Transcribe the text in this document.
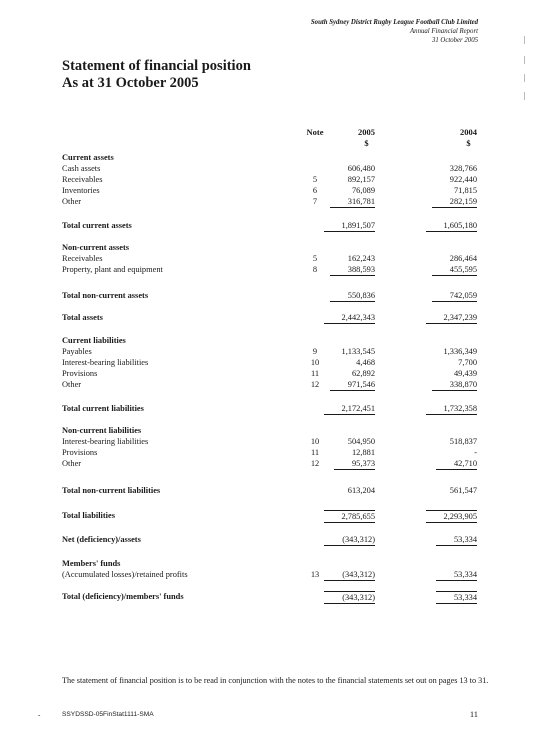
South Sydney District Rugby League Football Club Limited
Annual Financial Report
31 October 2005
Statement of financial position
As at 31 October 2005
Note	2005
$
2004
$
Current assets
Cash assets	606,480	328,766
Receivables	5	892,157	922,440
Inventories	6	76,089	71,815
Other	7	316,781	282,159
Total current assets	1,891,507	1,605,180
Non-current assets
Receivables	5	162,243	286,464
Property, plant and equipment	8	388,593	455,595
Total non-current assets	550,836	742,059
Total assets	2,442,343	2,347,239
Current liabilities
Payables	9	1,133,545	1,336,349
Interest-bearing liabilities	10	4,468	7,700
Provisions	11	62,892	49,439
Other	12	971,546	338,870
Total current liabilities	2,172,451	1,732,358
Non-current liabilities
Interest-bearing liabilities	10	504,950	518,837
Provisions	11	12,881	-
Other	12	95,373	42,710
Total non-current liabilities	613,204	561,547
Total liabilities	2,785,655	2,293,905
Net (deficiency)/assets	(343,312)	53,334
Members' funds
(Accumulated losses)/retained profits	13	(343,312)	53,334
Total (deficiency)/members' funds	(343,312)	53,334
The statement of financial position is to be read in conjunction with the notes to the financial statements set out on pages 13 to 31.
-	SSYDSSD-05FinStat1111-SMA	11
